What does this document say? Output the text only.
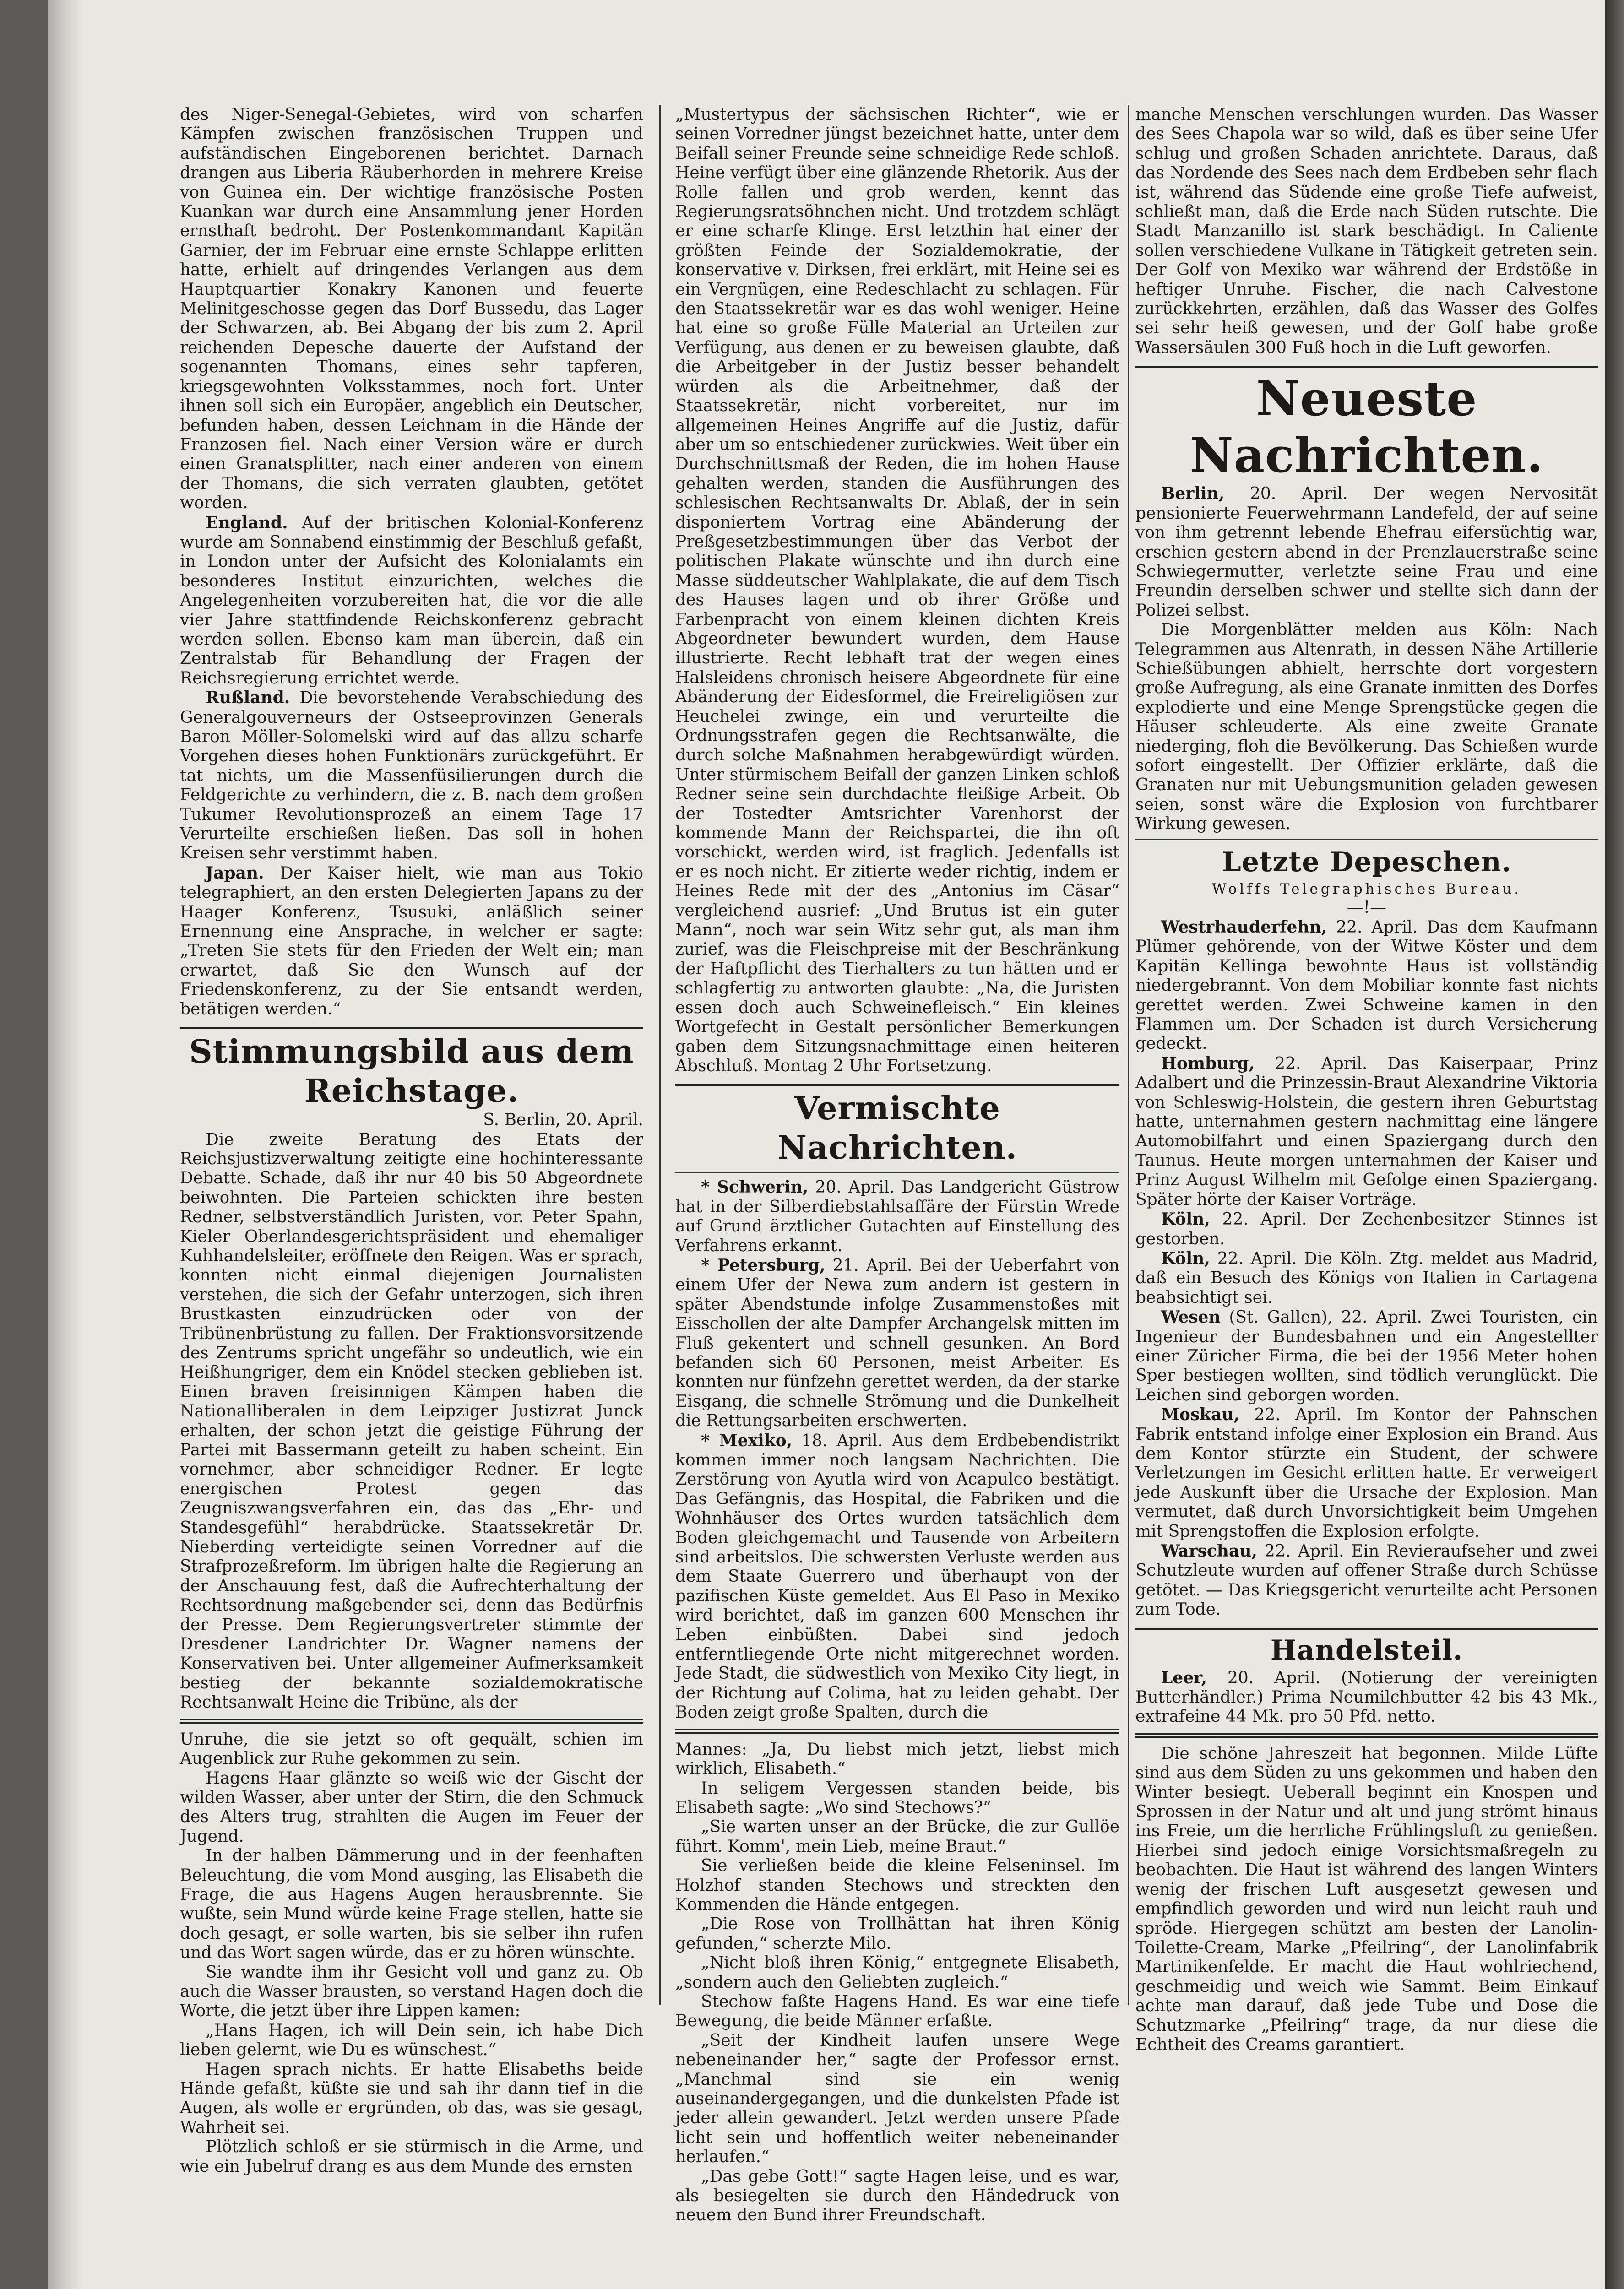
des Niger-Senegal-Gebietes, wird von scharfen Kämpfen zwischen französischen Truppen und aufständischen Eingeborenen berichtet. Darnach drangen aus Liberia Räuberhorden in mehrere Kreise von Guinea ein. Der wichtige französische Posten Kuankan war durch eine Ansammlung jener Horden ernsthaft bedroht. Der Postenkommandant Kapitän Garnier, der im Februar eine ernste Schlappe erlitten hatte, erhielt auf dringendes Verlangen aus dem Hauptquartier Konakry Kanonen und feuerte Melinitgeschosse gegen das Dorf Bussedu, das Lager der Schwarzen, ab. Bei Abgang der bis zum 2. April reichenden Depesche dauerte der Aufstand der sogenannten Thomans, eines sehr tapferen, kriegsgewohnten Volksstammes, noch fort. Unter ihnen soll sich ein Europäer, angeblich ein Deutscher, befunden haben, dessen Leichnam in die Hände der Franzosen fiel. Nach einer Version wäre er durch einen Granatsplitter, nach einer anderen von einem der Thomans, die sich verraten glaubten, getötet worden.

England. Auf der britischen Kolonial-Konferenz wurde am Sonnabend einstimmig der Beschluß gefaßt, in London unter der Aufsicht des Kolonialamts ein besonderes Institut einzurichten, welches die Angelegenheiten vorzubereiten hat, die vor die alle vier Jahre stattfindende Reichskonferenz gebracht werden sollen. Ebenso kam man überein, daß ein Zentralstab für Behandlung der Fragen der Reichsregierung errichtet werde.

Rußland. Die bevorstehende Verabschiedung des Generalgouverneurs der Ostseeprovinzen Generals Baron Möller-Solomelski wird auf das allzu scharfe Vorgehen dieses hohen Funktionärs zurückgeführt. Er tat nichts, um die Massenfüsilierungen durch die Feldgerichte zu verhindern, die z. B. nach dem großen Tukumer Revolutionsprozeß an einem Tage 17 Verurteilte erschießen ließen. Das soll in hohen Kreisen sehr verstimmt haben.

Japan. Der Kaiser hielt, wie man aus Tokio telegraphiert, an den ersten Delegierten Japans zu der Haager Konferenz, Tsusuki, anläßlich seiner Ernennung eine Ansprache, in welcher er sagte: „Treten Sie stets für den Frieden der Welt ein; man erwartet, daß Sie den Wunsch auf der Friedenskonferenz, zu der Sie entsandt werden, betätigen werden.“

Stimmungsbild aus dem Reichstage.
S. Berlin, 20. April.

Die zweite Beratung des Etats der Reichsjustizverwaltung zeitigte eine hochinteressante Debatte. Schade, daß ihr nur 40 bis 50 Abgeordnete beiwohnten. Die Parteien schickten ihre besten Redner, selbstverständlich Juristen, vor. Peter Spahn, Kieler Oberlandesgerichtspräsident und ehemaliger Kuhhandelsleiter, eröffnete den Reigen. Was er sprach, konnten nicht einmal diejenigen Journalisten verstehen, die sich der Gefahr unterzogen, sich ihren Brustkasten einzudrücken oder von der Tribünenbrüstung zu fallen. Der Fraktionsvorsitzende des Zentrums spricht ungefähr so undeutlich, wie ein Heißhungriger, dem ein Knödel stecken geblieben ist. Einen braven freisinnigen Kämpen haben die Nationalliberalen in dem Leipziger Justizrat Junck erhalten, der schon jetzt die geistige Führung der Partei mit Bassermann geteilt zu haben scheint. Ein vornehmer, aber schneidiger Redner. Er legte energischen Protest gegen das Zeugniszwangsverfahren ein, das das „Ehr- und Standesgefühl“ herabdrücke. Staatssekretär Dr. Nieberding verteidigte seinen Vorredner auf die Strafprozeßreform. Im übrigen halte die Regierung an der Anschauung fest, daß die Aufrechterhaltung der Rechtsordnung maßgebender sei, denn das Bedürfnis der Presse. Dem Regierungsvertreter stimmte der Dresdener Landrichter Dr. Wagner namens der Konservativen bei. Unter allgemeiner Aufmerksamkeit bestieg der bekannte sozialdemokratische Rechtsanwalt Heine die Tribüne, als der

Unruhe, die sie jetzt so oft gequält, schien im Augenblick zur Ruhe gekommen zu sein.

Hagens Haar glänzte so weiß wie der Gischt der wilden Wasser, aber unter der Stirn, die den Schmuck des Alters trug, strahlten die Augen im Feuer der Jugend.

In der halben Dämmerung und in der feenhaften Beleuchtung, die vom Mond ausging, las Elisabeth die Frage, die aus Hagens Augen herausbrennte. Sie wußte, sein Mund würde keine Frage stellen, hatte sie doch gesagt, er solle warten, bis sie selber ihn rufen und das Wort sagen würde, das er zu hören wünschte.

Sie wandte ihm ihr Gesicht voll und ganz zu. Ob auch die Wasser brausten, so verstand Hagen doch die Worte, die jetzt über ihre Lippen kamen:

„Hans Hagen, ich will Dein sein, ich habe Dich lieben gelernt, wie Du es wünschest.“

Hagen sprach nichts. Er hatte Elisabeths beide Hände gefaßt, küßte sie und sah ihr dann tief in die Augen, als wolle er ergründen, ob das, was sie gesagt, Wahrheit sei.

Plötzlich schloß er sie stürmisch in die Arme, und wie ein Jubelruf drang es aus dem Munde des ernsten

„Mustertypus der sächsischen Richter“, wie er seinen Vorredner jüngst bezeichnet hatte, unter dem Beifall seiner Freunde seine schneidige Rede schloß. Heine verfügt über eine glänzende Rhetorik. Aus der Rolle fallen und grob werden, kennt das Regierungsratsöhnchen nicht. Und trotzdem schlägt er eine scharfe Klinge. Erst letzthin hat einer der größten Feinde der Sozialdemokratie, der konservative v. Dirksen, frei erklärt, mit Heine sei es ein Vergnügen, eine Redeschlacht zu schlagen. Für den Staatssekretär war es das wohl weniger. Heine hat eine so große Fülle Material an Urteilen zur Verfügung, aus denen er zu beweisen glaubte, daß die Arbeitgeber in der Justiz besser behandelt würden als die Arbeitnehmer, daß der Staatssekretär, nicht vorbereitet, nur im allgemeinen Heines Angriffe auf die Justiz, dafür aber um so entschiedener zurückwies. Weit über ein Durchschnittsmaß der Reden, die im hohen Hause gehalten werden, standen die Ausführungen des schlesischen Rechtsanwalts Dr. Ablaß, der in sein disponiertem Vortrag eine Abänderung der Preßgesetzbestimmungen über das Verbot der politischen Plakate wünschte und ihn durch eine Masse süddeutscher Wahlplakate, die auf dem Tisch des Hauses lagen und ob ihrer Größe und Farbenpracht von einem kleinen dichten Kreis Abgeordneter bewundert wurden, dem Hause illustrierte. Recht lebhaft trat der wegen eines Halsleidens chronisch heisere Abgeordnete für eine Abänderung der Eidesformel, die Freireligiösen zur Heuchelei zwinge, ein und verurteilte die Ordnungsstrafen gegen die Rechtsanwälte, die durch solche Maßnahmen herabgewürdigt würden. Unter stürmischem Beifall der ganzen Linken schloß Redner seine sein durchdachte fleißige Arbeit. Ob der Tostedter Amtsrichter Varenhorst der kommende Mann der Reichspartei, die ihn oft vorschickt, werden wird, ist fraglich. Jedenfalls ist er es noch nicht. Er zitierte weder richtig, indem er Heines Rede mit der des „Antonius im Cäsar“ vergleichend ausrief: „Und Brutus ist ein guter Mann“, noch war sein Witz sehr gut, als man ihm zurief, was die Fleischpreise mit der Beschränkung der Haftpflicht des Tierhalters zu tun hätten und er schlagfertig zu antworten glaubte: „Na, die Juristen essen doch auch Schweinefleisch.“ Ein kleines Wortgefecht in Gestalt persönlicher Bemerkungen gaben dem Sitzungsnachmittage einen heiteren Abschluß. Montag 2 Uhr Fortsetzung.

Vermischte Nachrichten.

* Schwerin, 20. April. Das Landgericht Güstrow hat in der Silberdiebstahlsaffäre der Fürstin Wrede auf Grund ärztlicher Gutachten auf Einstellung des Verfahrens erkannt.

* Petersburg, 21. April. Bei der Ueberfahrt von einem Ufer der Newa zum andern ist gestern in später Abendstunde infolge Zusammenstoßes mit Eisschollen der alte Dampfer Archangelsk mitten im Fluß gekentert und schnell gesunken. An Bord befanden sich 60 Personen, meist Arbeiter. Es konnten nur fünfzehn gerettet werden, da der starke Eisgang, die schnelle Strömung und die Dunkelheit die Rettungsarbeiten erschwerten.

* Mexiko, 18. April. Aus dem Erdbebendistrikt kommen immer noch langsam Nachrichten. Die Zerstörung von Ayutla wird von Acapulco bestätigt. Das Gefängnis, das Hospital, die Fabriken und die Wohnhäuser des Ortes wurden tatsächlich dem Boden gleichgemacht und Tausende von Arbeitern sind arbeitslos. Die schwersten Verluste werden aus dem Staate Guerrero und überhaupt von der pazifischen Küste gemeldet. Aus El Paso in Mexiko wird berichtet, daß im ganzen 600 Menschen ihr Leben einbüßten. Dabei sind jedoch entferntliegende Orte nicht mitgerechnet worden. Jede Stadt, die südwestlich von Mexiko City liegt, in der Richtung auf Colima, hat zu leiden gehabt. Der Boden zeigt große Spalten, durch die

Mannes: „Ja, Du liebst mich jetzt, liebst mich wirklich, Elisabeth.“

In seligem Vergessen standen beide, bis Elisabeth sagte: „Wo sind Stechows?“

„Sie warten unser an der Brücke, die zur Gullöe führt. Komm', mein Lieb, meine Braut.“

Sie verließen beide die kleine Felseninsel. Im Holzhof standen Stechows und streckten den Kommenden die Hände entgegen.

„Die Rose von Trollhättan hat ihren König gefunden,“ scherzte Milo.

„Nicht bloß ihren König,“ entgegnete Elisabeth, „sondern auch den Geliebten zugleich.“

Stechow faßte Hagens Hand. Es war eine tiefe Bewegung, die beide Männer erfaßte.

„Seit der Kindheit laufen unsere Wege nebeneinander her,“ sagte der Professor ernst. „Manchmal sind sie ein wenig auseinandergegangen, und die dunkelsten Pfade ist jeder allein gewandert. Jetzt werden unsere Pfade licht sein und hoffentlich weiter nebeneinander herlaufen.“

„Das gebe Gott!“ sagte Hagen leise, und es war, als besiegelten sie durch den Händedruck von neuem den Bund ihrer Freundschaft.

manche Menschen verschlungen wurden. Das Wasser des Sees Chapola war so wild, daß es über seine Ufer schlug und großen Schaden anrichtete. Daraus, daß das Nordende des Sees nach dem Erdbeben sehr flach ist, während das Südende eine große Tiefe aufweist, schließt man, daß die Erde nach Süden rutschte. Die Stadt Manzanillo ist stark beschädigt. In Caliente sollen verschiedene Vulkane in Tätigkeit getreten sein. Der Golf von Mexiko war während der Erdstöße in heftiger Unruhe. Fischer, die nach Calvestone zurückkehrten, erzählen, daß das Wasser des Golfes sei sehr heiß gewesen, und der Golf habe große Wassersäulen 300 Fuß hoch in die Luft geworfen.

Neueste Nachrichten.

Berlin, 20. April. Der wegen Nervosität pensionierte Feuerwehrmann Landefeld, der auf seine von ihm getrennt lebende Ehefrau eifersüchtig war, erschien gestern abend in der Prenzlauerstraße seine Schwiegermutter, verletzte seine Frau und eine Freundin derselben schwer und stellte sich dann der Polizei selbst.

Die Morgenblätter melden aus Köln: Nach Telegrammen aus Altenrath, in dessen Nähe Artillerie Schießübungen abhielt, herrschte dort vorgestern große Aufregung, als eine Granate inmitten des Dorfes explodierte und eine Menge Sprengstücke gegen die Häuser schleuderte. Als eine zweite Granate niederging, floh die Bevölkerung. Das Schießen wurde sofort eingestellt. Der Offizier erklärte, daß die Granaten nur mit Uebungsmunition geladen gewesen seien, sonst wäre die Explosion von furchtbarer Wirkung gewesen.

Letzte Depeschen.
Wolffs Telegraphisches Bureau.
—!—

Westrhauderfehn, 22. April. Das dem Kaufmann Plümer gehörende, von der Witwe Köster und dem Kapitän Kellinga bewohnte Haus ist vollständig niedergebrannt. Von dem Mobiliar konnte fast nichts gerettet werden. Zwei Schweine kamen in den Flammen um. Der Schaden ist durch Versicherung gedeckt.

Homburg, 22. April. Das Kaiserpaar, Prinz Adalbert und die Prinzessin-Braut Alexandrine Viktoria von Schleswig-Holstein, die gestern ihren Geburtstag hatte, unternahmen gestern nachmittag eine längere Automobilfahrt und einen Spaziergang durch den Taunus. Heute morgen unternahmen der Kaiser und Prinz August Wilhelm mit Gefolge einen Spaziergang. Später hörte der Kaiser Vorträge.

Köln, 22. April. Der Zechenbesitzer Stinnes ist gestorben.

Köln, 22. April. Die Köln. Ztg. meldet aus Madrid, daß ein Besuch des Königs von Italien in Cartagena beabsichtigt sei.

Wesen (St. Gallen), 22. April. Zwei Touristen, ein Ingenieur der Bundesbahnen und ein Angestellter einer Züricher Firma, die bei der 1956 Meter hohen Sper bestiegen wollten, sind tödlich verunglückt. Die Leichen sind geborgen worden.

Moskau, 22. April. Im Kontor der Pahnschen Fabrik entstand infolge einer Explosion ein Brand. Aus dem Kontor stürzte ein Student, der schwere Verletzungen im Gesicht erlitten hatte. Er verweigert jede Auskunft über die Ursache der Explosion. Man vermutet, daß durch Unvorsichtigkeit beim Umgehen mit Sprengstoffen die Explosion erfolgte.

Warschau, 22. April. Ein Revieraufseher und zwei Schutzleute wurden auf offener Straße durch Schüsse getötet. — Das Kriegsgericht verurteilte acht Personen zum Tode.

Handelsteil.

Leer, 20. April. (Notierung der vereinigten Butterhändler.) Prima Neumilchbutter 42 bis 43 Mk., extrafeine 44 Mk. pro 50 Pfd. netto.

Die schöne Jahreszeit hat begonnen. Milde Lüfte sind aus dem Süden zu uns gekommen und haben den Winter besiegt. Ueberall beginnt ein Knospen und Sprossen in der Natur und alt und jung strömt hinaus ins Freie, um die herrliche Frühlingsluft zu genießen. Hierbei sind jedoch einige Vorsichtsmaßregeln zu beobachten. Die Haut ist während des langen Winters wenig der frischen Luft ausgesetzt gewesen und empfindlich geworden und wird nun leicht rauh und spröde. Hiergegen schützt am besten der Lanolin-Toilette-Cream, Marke „Pfeilring“, der Lanolinfabrik Martinikenfelde. Er macht die Haut wohlriechend, geschmeidig und weich wie Sammt. Beim Einkauf achte man darauf, daß jede Tube und Dose die Schutzmarke „Pfeilring“ trage, da nur diese die Echtheit des Creams garantiert.
